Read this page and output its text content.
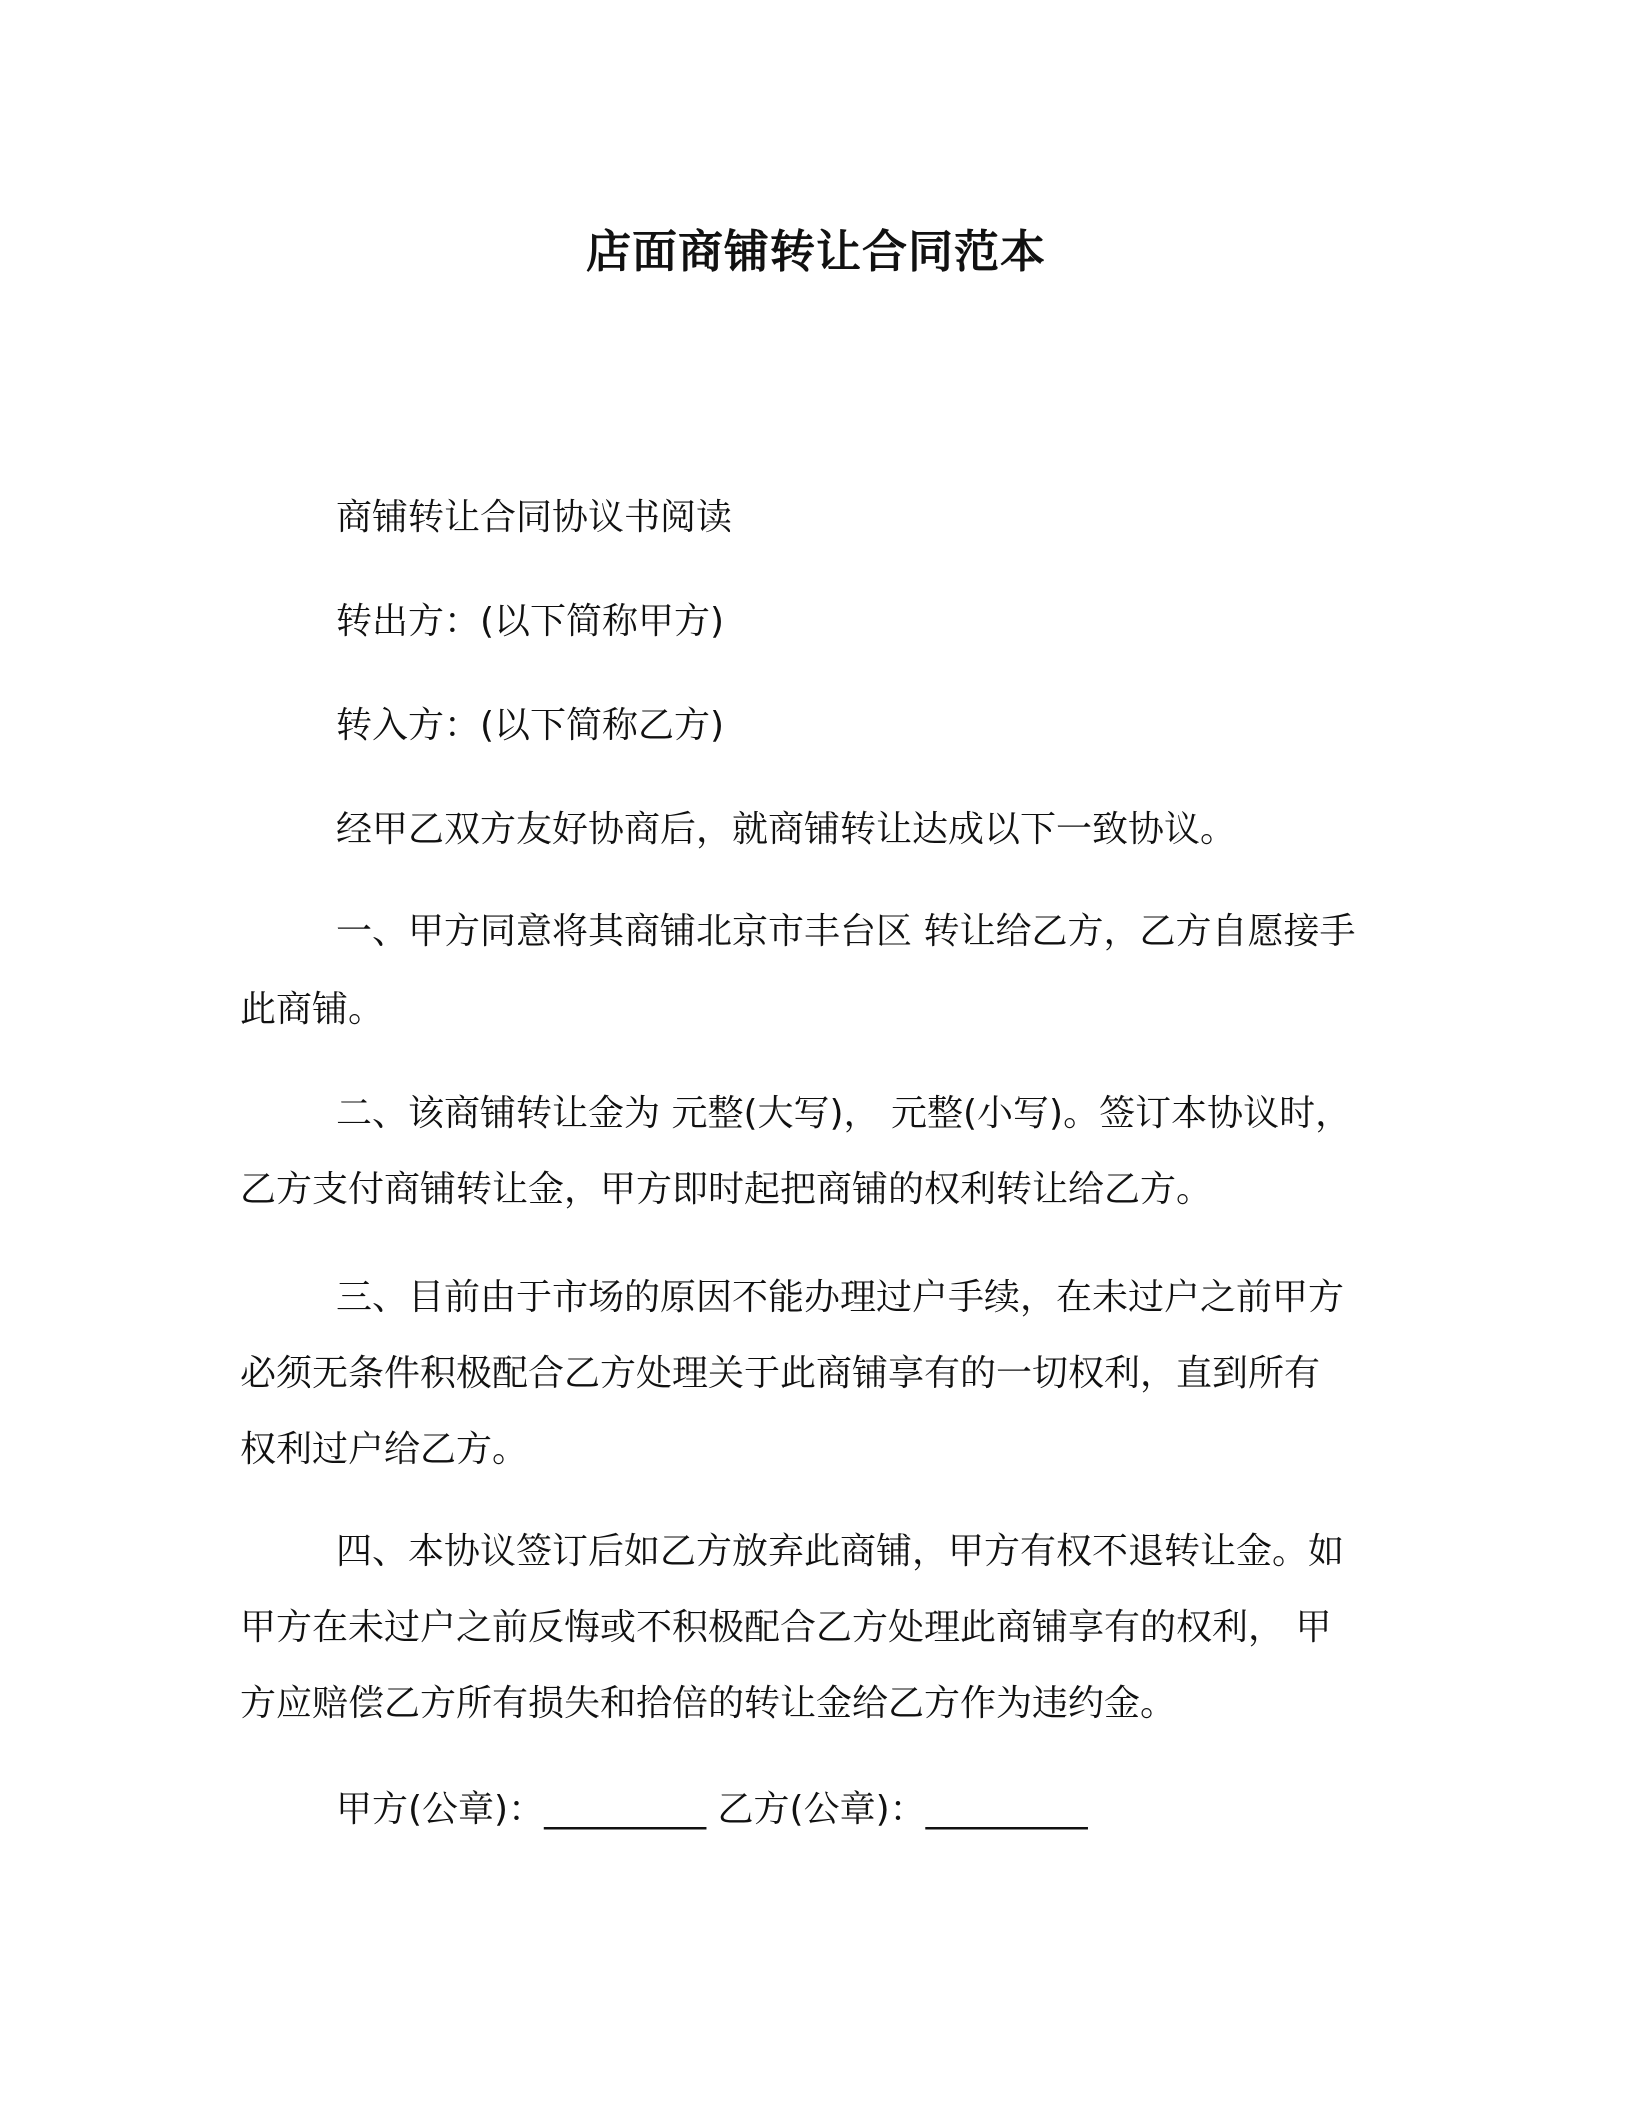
店面商铺转让合同范本
商铺转让合同协议书阅读
转出方：(以下简称甲方)
转入方：(以下简称乙方)
经甲乙双方友好协商后，就商铺转让达成以下一致协议。
一、甲方同意将其商铺北京市丰台区 转让给乙方，乙方自愿接手
此商铺。
二、该商铺转让金为 元整(大写)， 元整(小写)。签订本协议时，
乙方支付商铺转让金，甲方即时起把商铺的权利转让给乙方。
三、目前由于市场的原因不能办理过户手续，在未过户之前甲方
必须无条件积极配合乙方处理关于此商铺享有的一切权利，直到所有
权利过户给乙方。
四、本协议签订后如乙方放弃此商铺，甲方有权不退转让金。如
甲方在未过户之前反悔或不积极配合乙方处理此商铺享有的权利， 甲
方应赔偿乙方所有损失和拾倍的转让金给乙方作为违约金。
甲方(公章)：_________ 乙方(公章)：_________
